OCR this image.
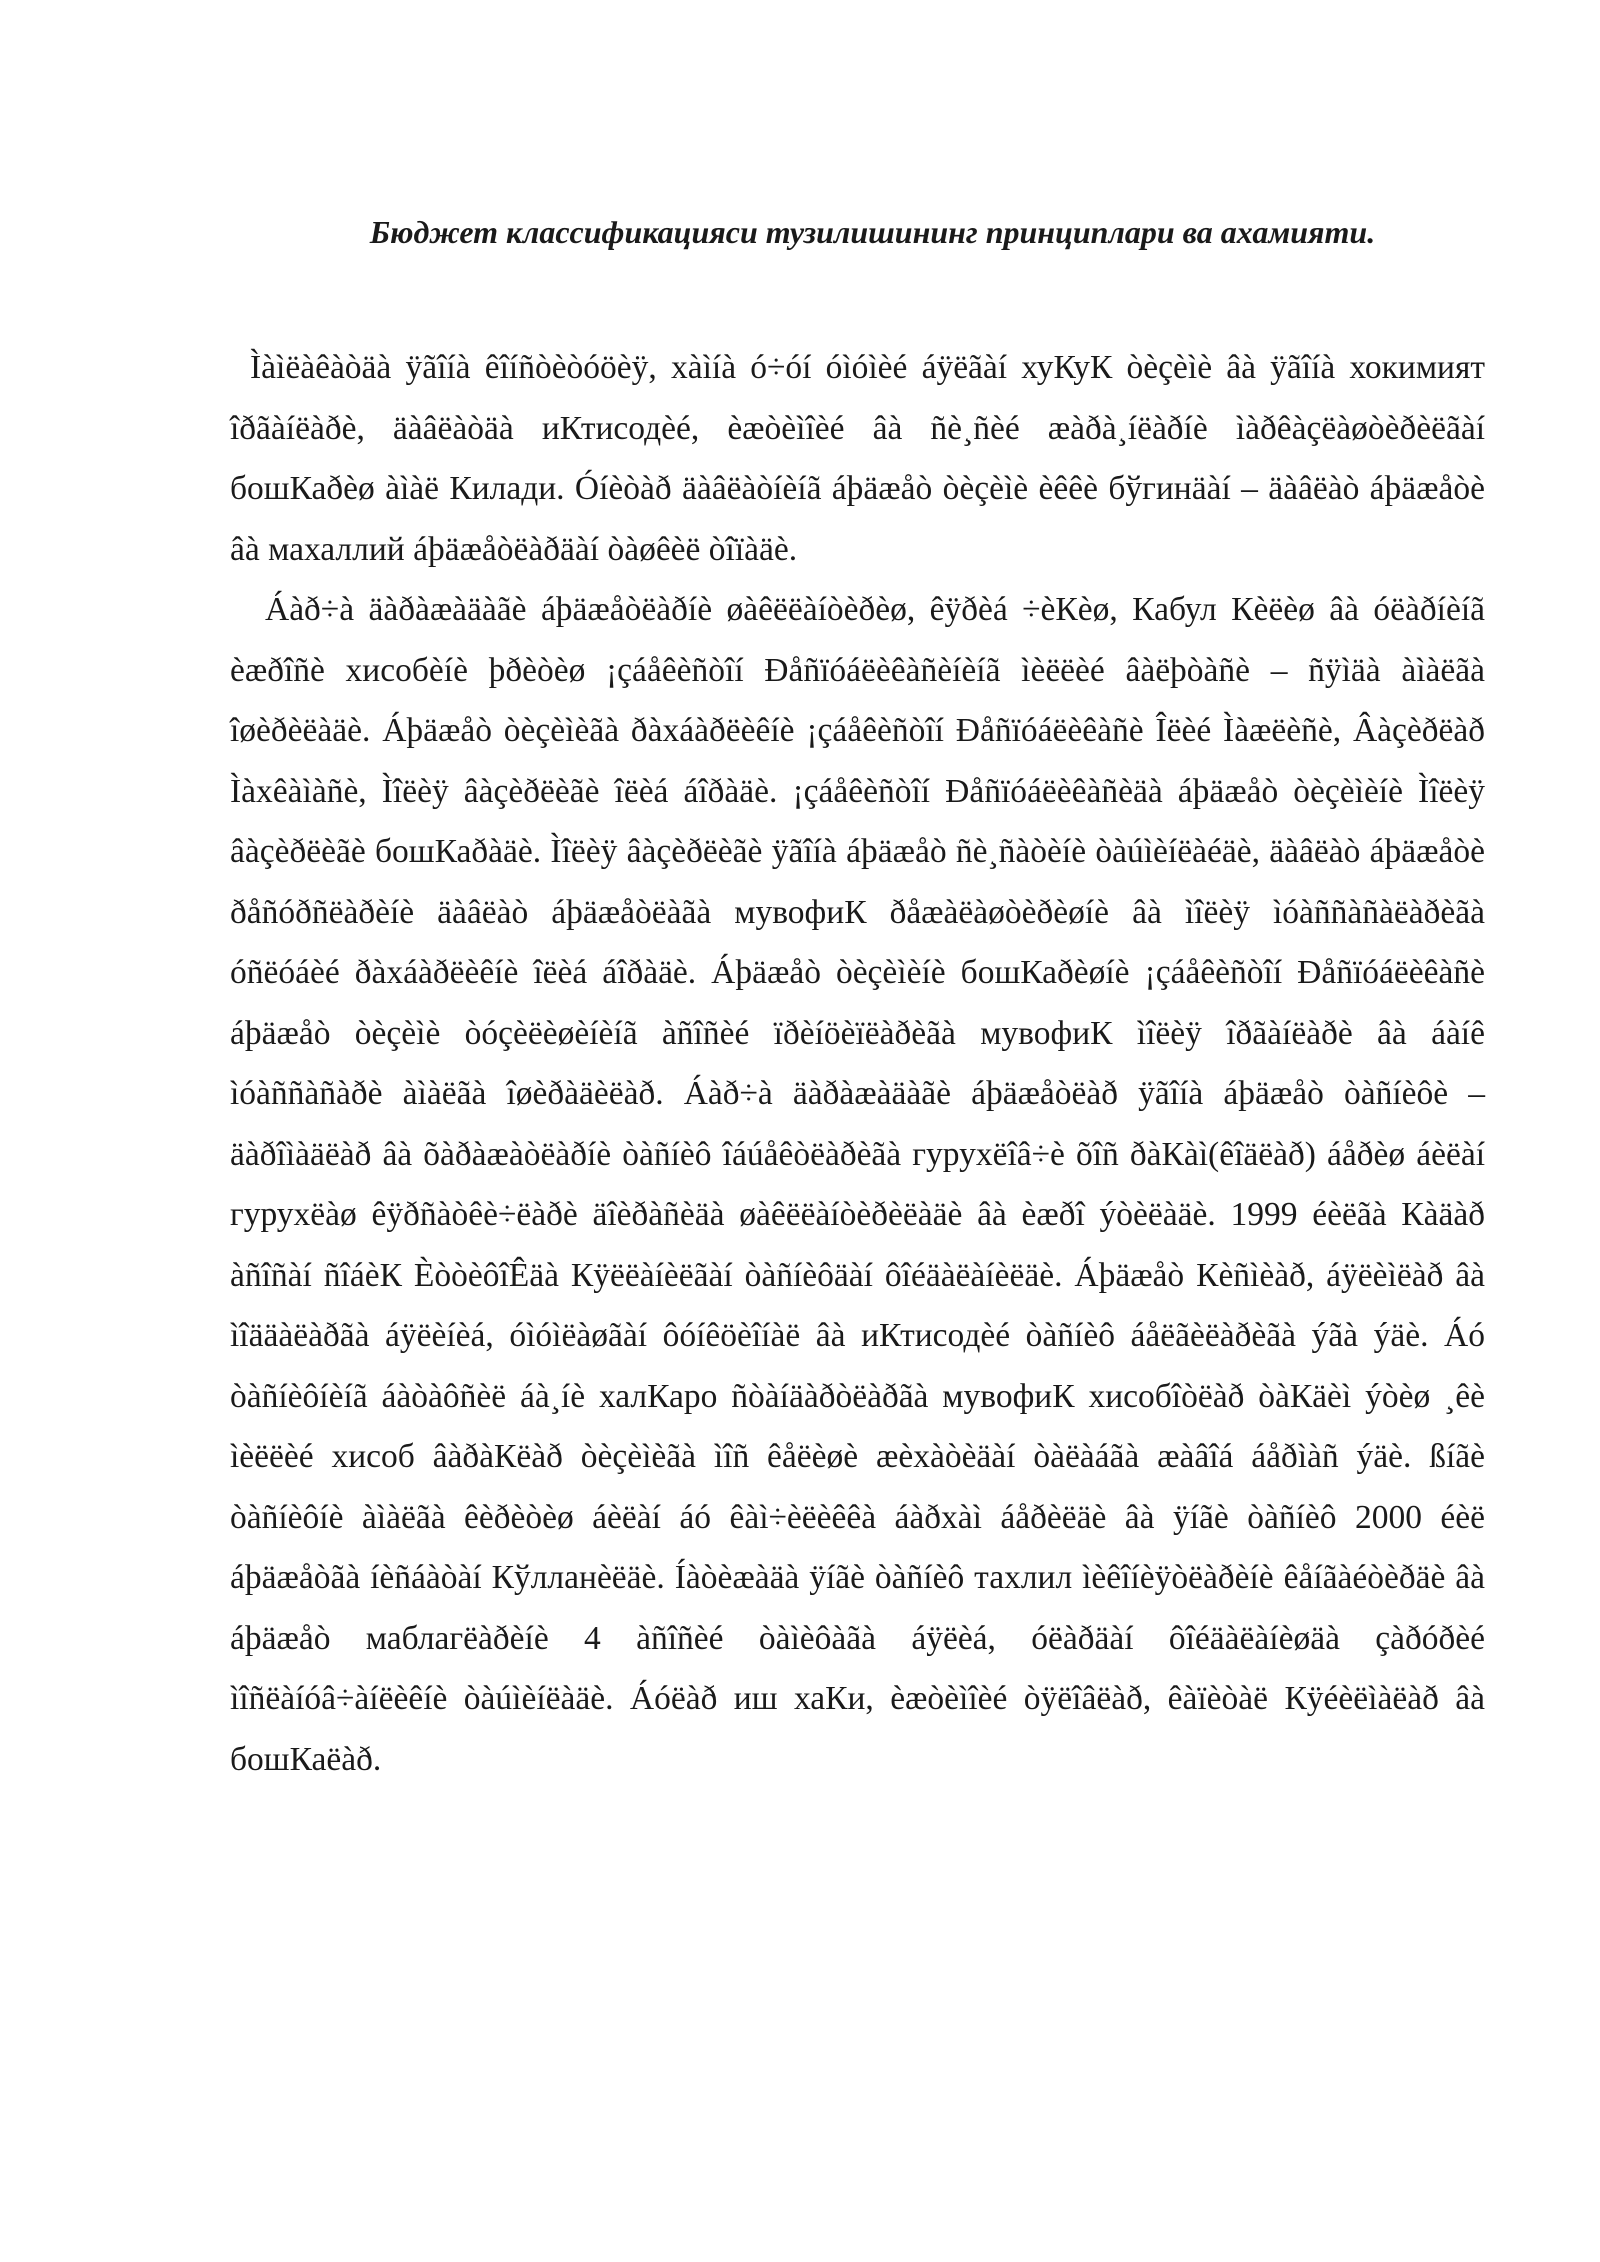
Бюджет классификацияси тузилишининг принциплари ва ахамияти.

Ìàìëàêàòäà ÿãîíà êîíñòèòóöèÿ, хàìíà ó÷óí óìóìèé áÿëãàí хуКуК òèçèìè âà ÿãîíà хокимият îðãàíëàðè, äàâëàòäà иКтисодèé, èæòèìîèé âà ñè¸ñèé æàðà¸íëàðíè ìàðêàçëàøòèðèëãàí бошКаðèø àìàë Килади. Óíèòàð äàâëàòíèíã áþäæåò òèçèìè èêêè бўгинäàí – äàâëàò áþäæåòè âà махаллий áþäæåòëàðäàí òàøêèë òîïàäè.

Áàð÷à äàðàæàäàãè áþäæåòëàðíè øàêëëàíòèðèø, êÿðèá ÷èКèø, Кабул Кèëèø âà óëàðíèíã èæðîñè хисобèíè þðèòèø ¡çáåêèñòîí Ðåñïóáëèêàñèíèíã ìèëëèé âàëþòàñè – ñÿìäà àìàëãà îøèðèëàäè. Áþäæåò òèçèìèãà ðàхáàðëèêíè ¡çáåêèñòîí Ðåñïóáëèêàñè Îëèé Ìàæëèñè, Âàçèðëàð Ìàхêàìàñè, Ìîëèÿ âàçèðëèãè îëèá áîðàäè. ¡çáåêèñòîí Ðåñïóáëèêàñèäà áþäæåò òèçèìèíè Ìîëèÿ âàçèðëèãè бошКаðàäè. Ìîëèÿ âàçèðëèãè ÿãîíà áþäæåò ñè¸ñàòèíè òàúìèíëàéäè, äàâëàò áþäæåòè ðåñóðñëàðèíè äàâëàò áþäæåòëàãà мувофиК ðåæàëàøòèðèøíè âà ìîëèÿ ìóàññàñàëàðèãà óñëóáèé ðàхáàðëèêíè îëèá áîðàäè. Áþäæåò òèçèìèíè бошКаðèøíè ¡çáåêèñòîí Ðåñïóáëèêàñè áþäæåò òèçèìè òóçèëèøèíèíã àñîñèé ïðèíöèïëàðèãà мувофиК ìîëèÿ îðãàíëàðè âà áàíê ìóàññàñàðè àìàëãà îøèðàäèëàð. Áàð÷à äàðàæàäàãè áþäæåòëàð ÿãîíà áþäæåò òàñíèôè – äàðîìàäëàð âà õàðàæàòëàðíè òàñíèô îáúåêòëàðèãà гурухëîâ÷è õîñ ðàКàì(êîäëàð) áåðèø áèëàí гурухëàø êÿðñàòêè÷ëàðè äîèðàñèäà øàêëëàíòèðèëàäè âà èæðî ýòèëàäè. 1999 éèëãà Кàäàð àñîñàí ñîáèК ÈòòèôîÊäà Кÿëëàíèëãàí òàñíèôäàí ôîéäàëàíèëäè. Áþäæåò Кèñìèàð, áÿëèìëàð âà ìîääàëàðãà áÿëèíèá, óìóìëàøãàí ôóíêöèîíàë âà иКтисодèé òàñíèô áåëãèëàðèãà ýãà ýäè. Áó òàñíèôíèíã áàòàôñèë áà¸íè халКаро ñòàíäàðòëàðãà мувофиК хисобîòëàð òàКäèì ýòèø ¸êè ìèëëèé хисоб âàðàКëàð òèçèìèãà ìîñ êåëèøè æèхàòèäàí òàëàáãà æàâîá áåðìàñ ýäè. ßíãè òàñíèôíè àìàëãà êèðèòèø áèëàí áó êàì÷èëèêêà áàðхàì áåðèëäè âà ÿíãè òàñíèô 2000 éèë áþäæåòãà íèñáàòàí Кўлланèëäè. Íàòèæàäà ÿíãè òàñíèô тахлил ìèêîíèÿòëàðèíè êåíãàéòèðäè âà áþäæåò маблагëàðèíè 4 àñîñèé òàìèôàãà áÿëèá, óëàðäàí ôîéäàëàíèøäà çàðóðèé ìîñëàíóâ÷àíëèêíè òàúìèíëàäè. Áóëàð иш хаКи, èæòèìîèé òÿëîâëàð, êàïèòàë Кÿéèëìàëàð âà бошКаëàð.
